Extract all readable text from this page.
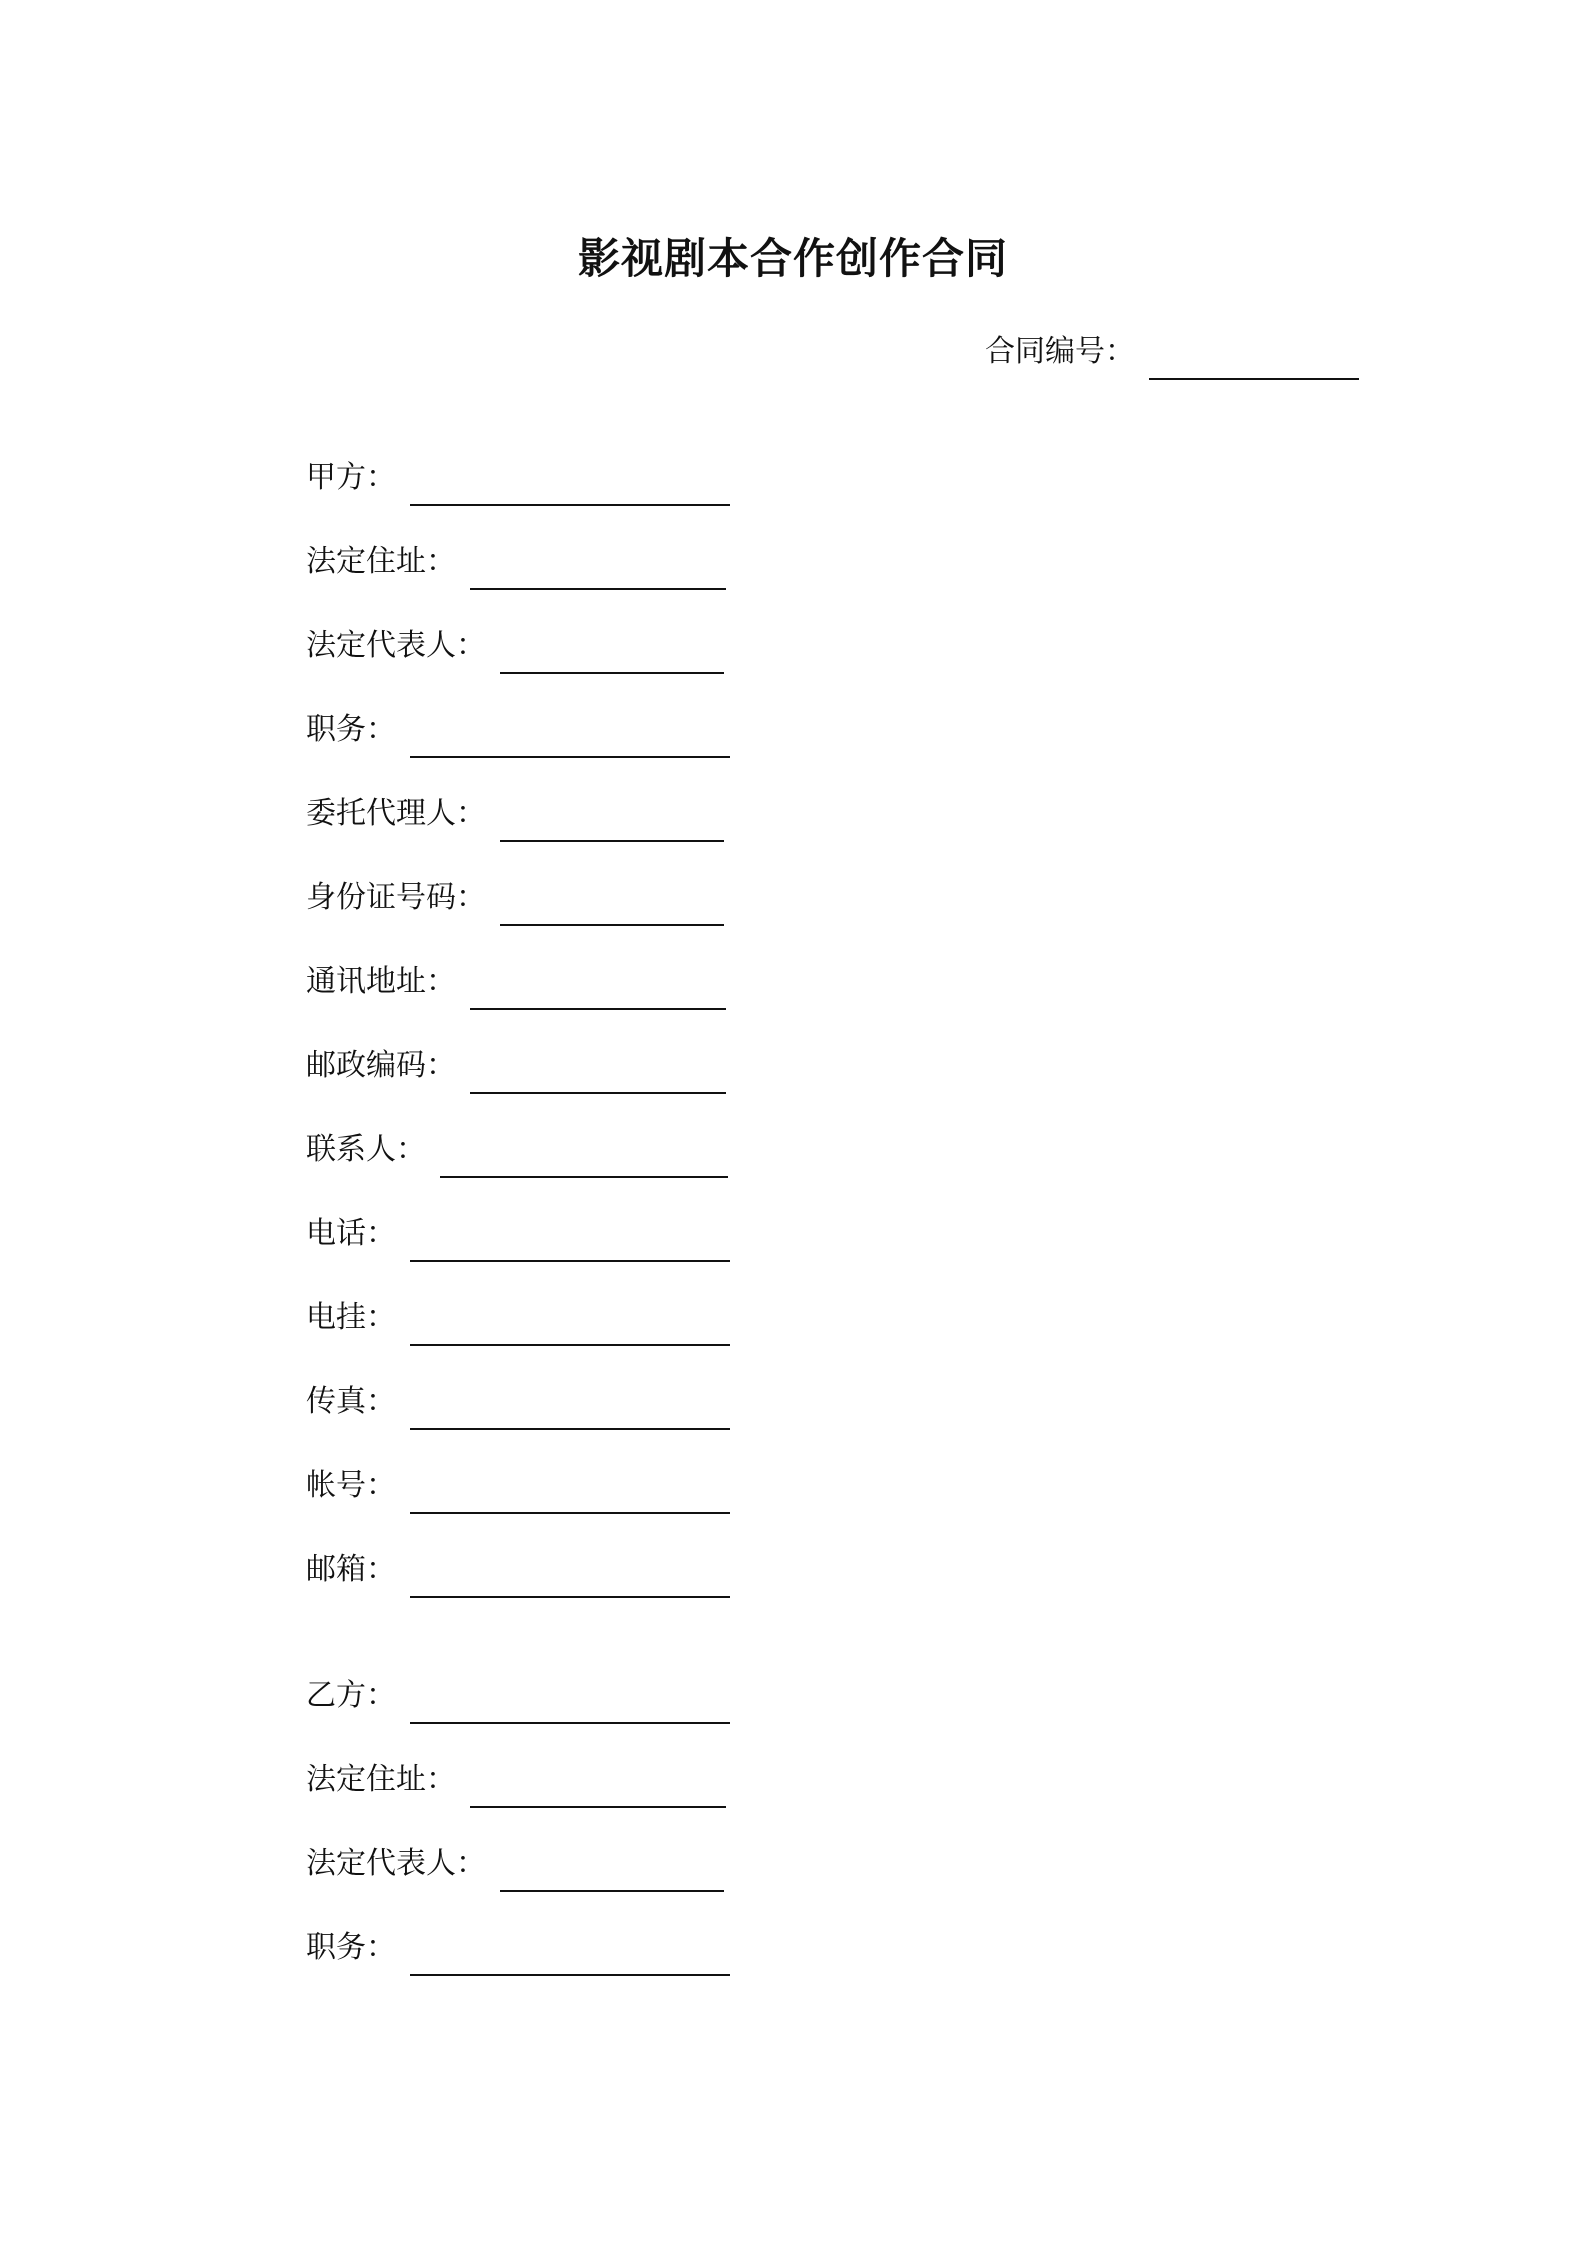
影视剧本合作创作合同
合同编号：
甲方：
法定住址：
法定代表人：
职务：
委托代理人：
身份证号码：
通讯地址：
邮政编码：
联系人：
电话：
电挂：
传真：
帐号：
邮箱：
乙方：
法定住址：
法定代表人：
职务：
